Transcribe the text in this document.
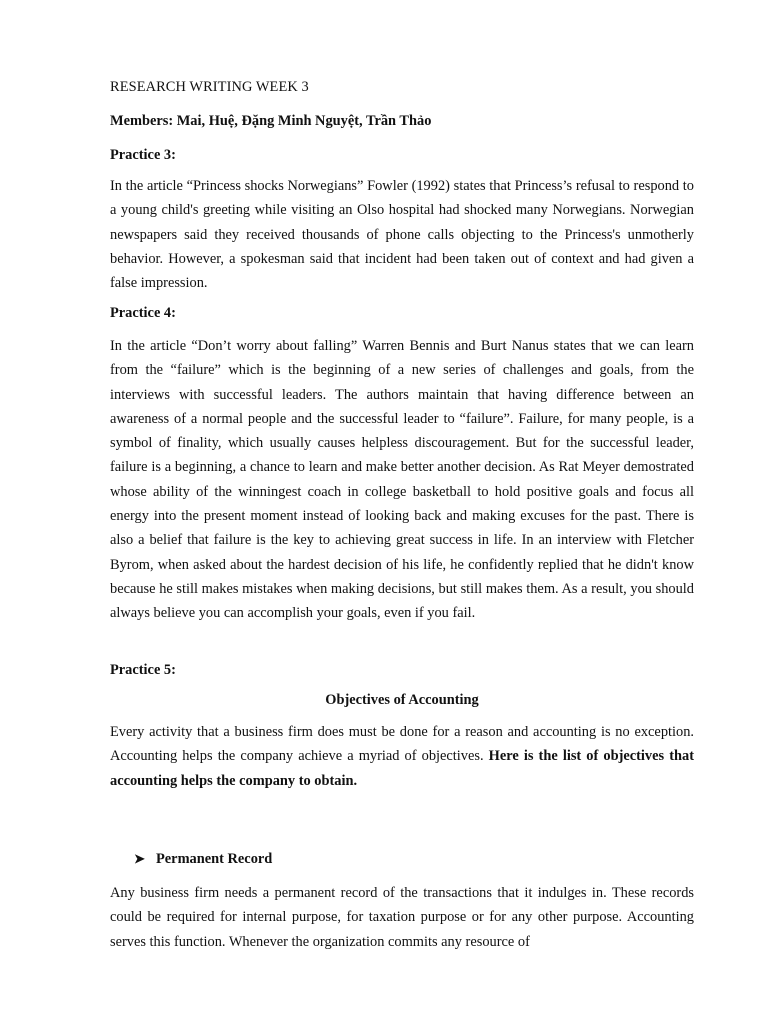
RESEARCH WRITING WEEK 3

Members: Mai, Huệ, Đặng Minh Nguyệt, Trần Thảo

Practice 3:

In the article “Princess shocks Norwegians” Fowler (1992) states that Princess’s refusal to respond to a young child's greeting while visiting an Olso hospital had shocked many Norwegians. Norwegian newspapers said they received thousands of phone calls objecting to the Princess's unmotherly behavior. However, a spokesman said that incident had been taken out of context and had given a false impression.

Practice 4:

In the article “Don’t worry about falling” Warren Bennis and Burt Nanus states that we can learn from the “failure” which is the beginning of a new series of challenges and goals, from the interviews with successful leaders. The authors maintain that having difference between an awareness of a normal people and the successful leader to “failure”. Failure, for many people, is a symbol of finality, which usually causes helpless discouragement. But for the successful leader, failure is a beginning, a chance to learn and make better another decision. As Rat Meyer demostrated whose ability of the winningest coach in college basketball to hold positive goals and focus all energy into the present moment instead of looking back and making excuses for the past. There is also a belief that failure is the key to achieving great success in life. In an interview with Fletcher Byrom, when asked about the hardest decision of his life, he confidently replied that he didn't know because he still makes mistakes when making decisions, but still makes them. As a result, you should always believe you can accomplish your goals, even if you fail.

Practice 5:

Objectives of Accounting

Every activity that a business firm does must be done for a reason and accounting is no exception. Accounting helps the company achieve a myriad of objectives. Here is the list of objectives that accounting helps the company to obtain.

➤ Permanent Record

Any business firm needs a permanent record of the transactions that it indulges in. These records could be required for internal purpose, for taxation purpose or for any other purpose. Accounting serves this function. Whenever the organization commits any resource of
